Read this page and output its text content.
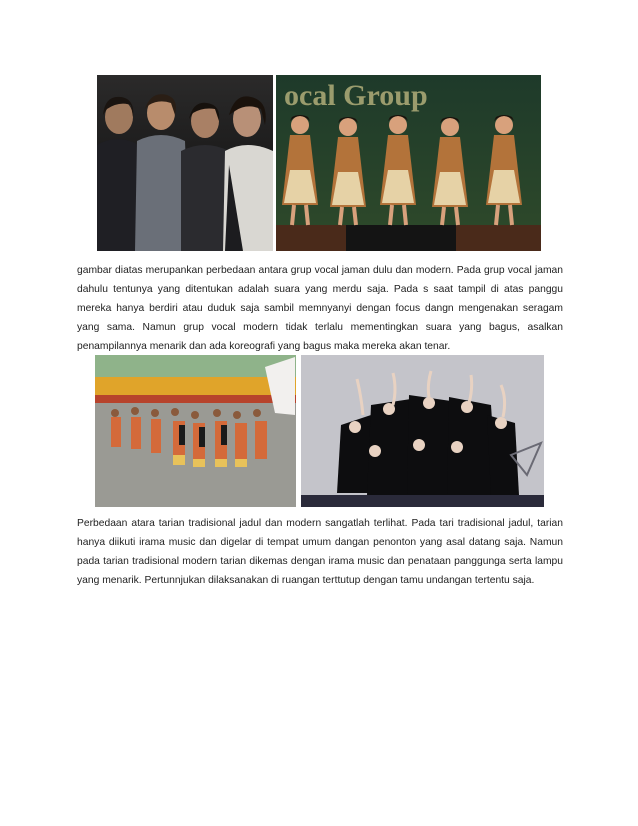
ocal Group

gambar diatas merupankan perbedaan antara grup vocal jaman dulu dan modern. Pada grup vocal jaman dahulu tentunya yang ditentukan adalah suara yang merdu saja. Pada s saat tampil di atas panggu mereka hanya berdiri atau duduk saja sambil memnyanyi dengan focus dangn mengenakan seragam yang sama. Namun grup vocal modern tidak terlalu mementingkan suara yang bagus, asalkan penampilannya menarik dan ada koreografi yang bagus maka mereka akan tenar.

Perbedaan atara tarian tradisional jadul dan modern sangatlah terlihat. Pada tari tradisional jadul, tarian hanya diikuti irama music dan digelar di tempat umum dangan penonton yang asal datang saja. Namun pada tarian tradisional modern tarian dikemas dengan irama music dan penataan panggunga serta lampu yang menarik. Pertunnjukan dilaksanakan di ruangan terttutup dengan tamu undangan tertentu saja.
